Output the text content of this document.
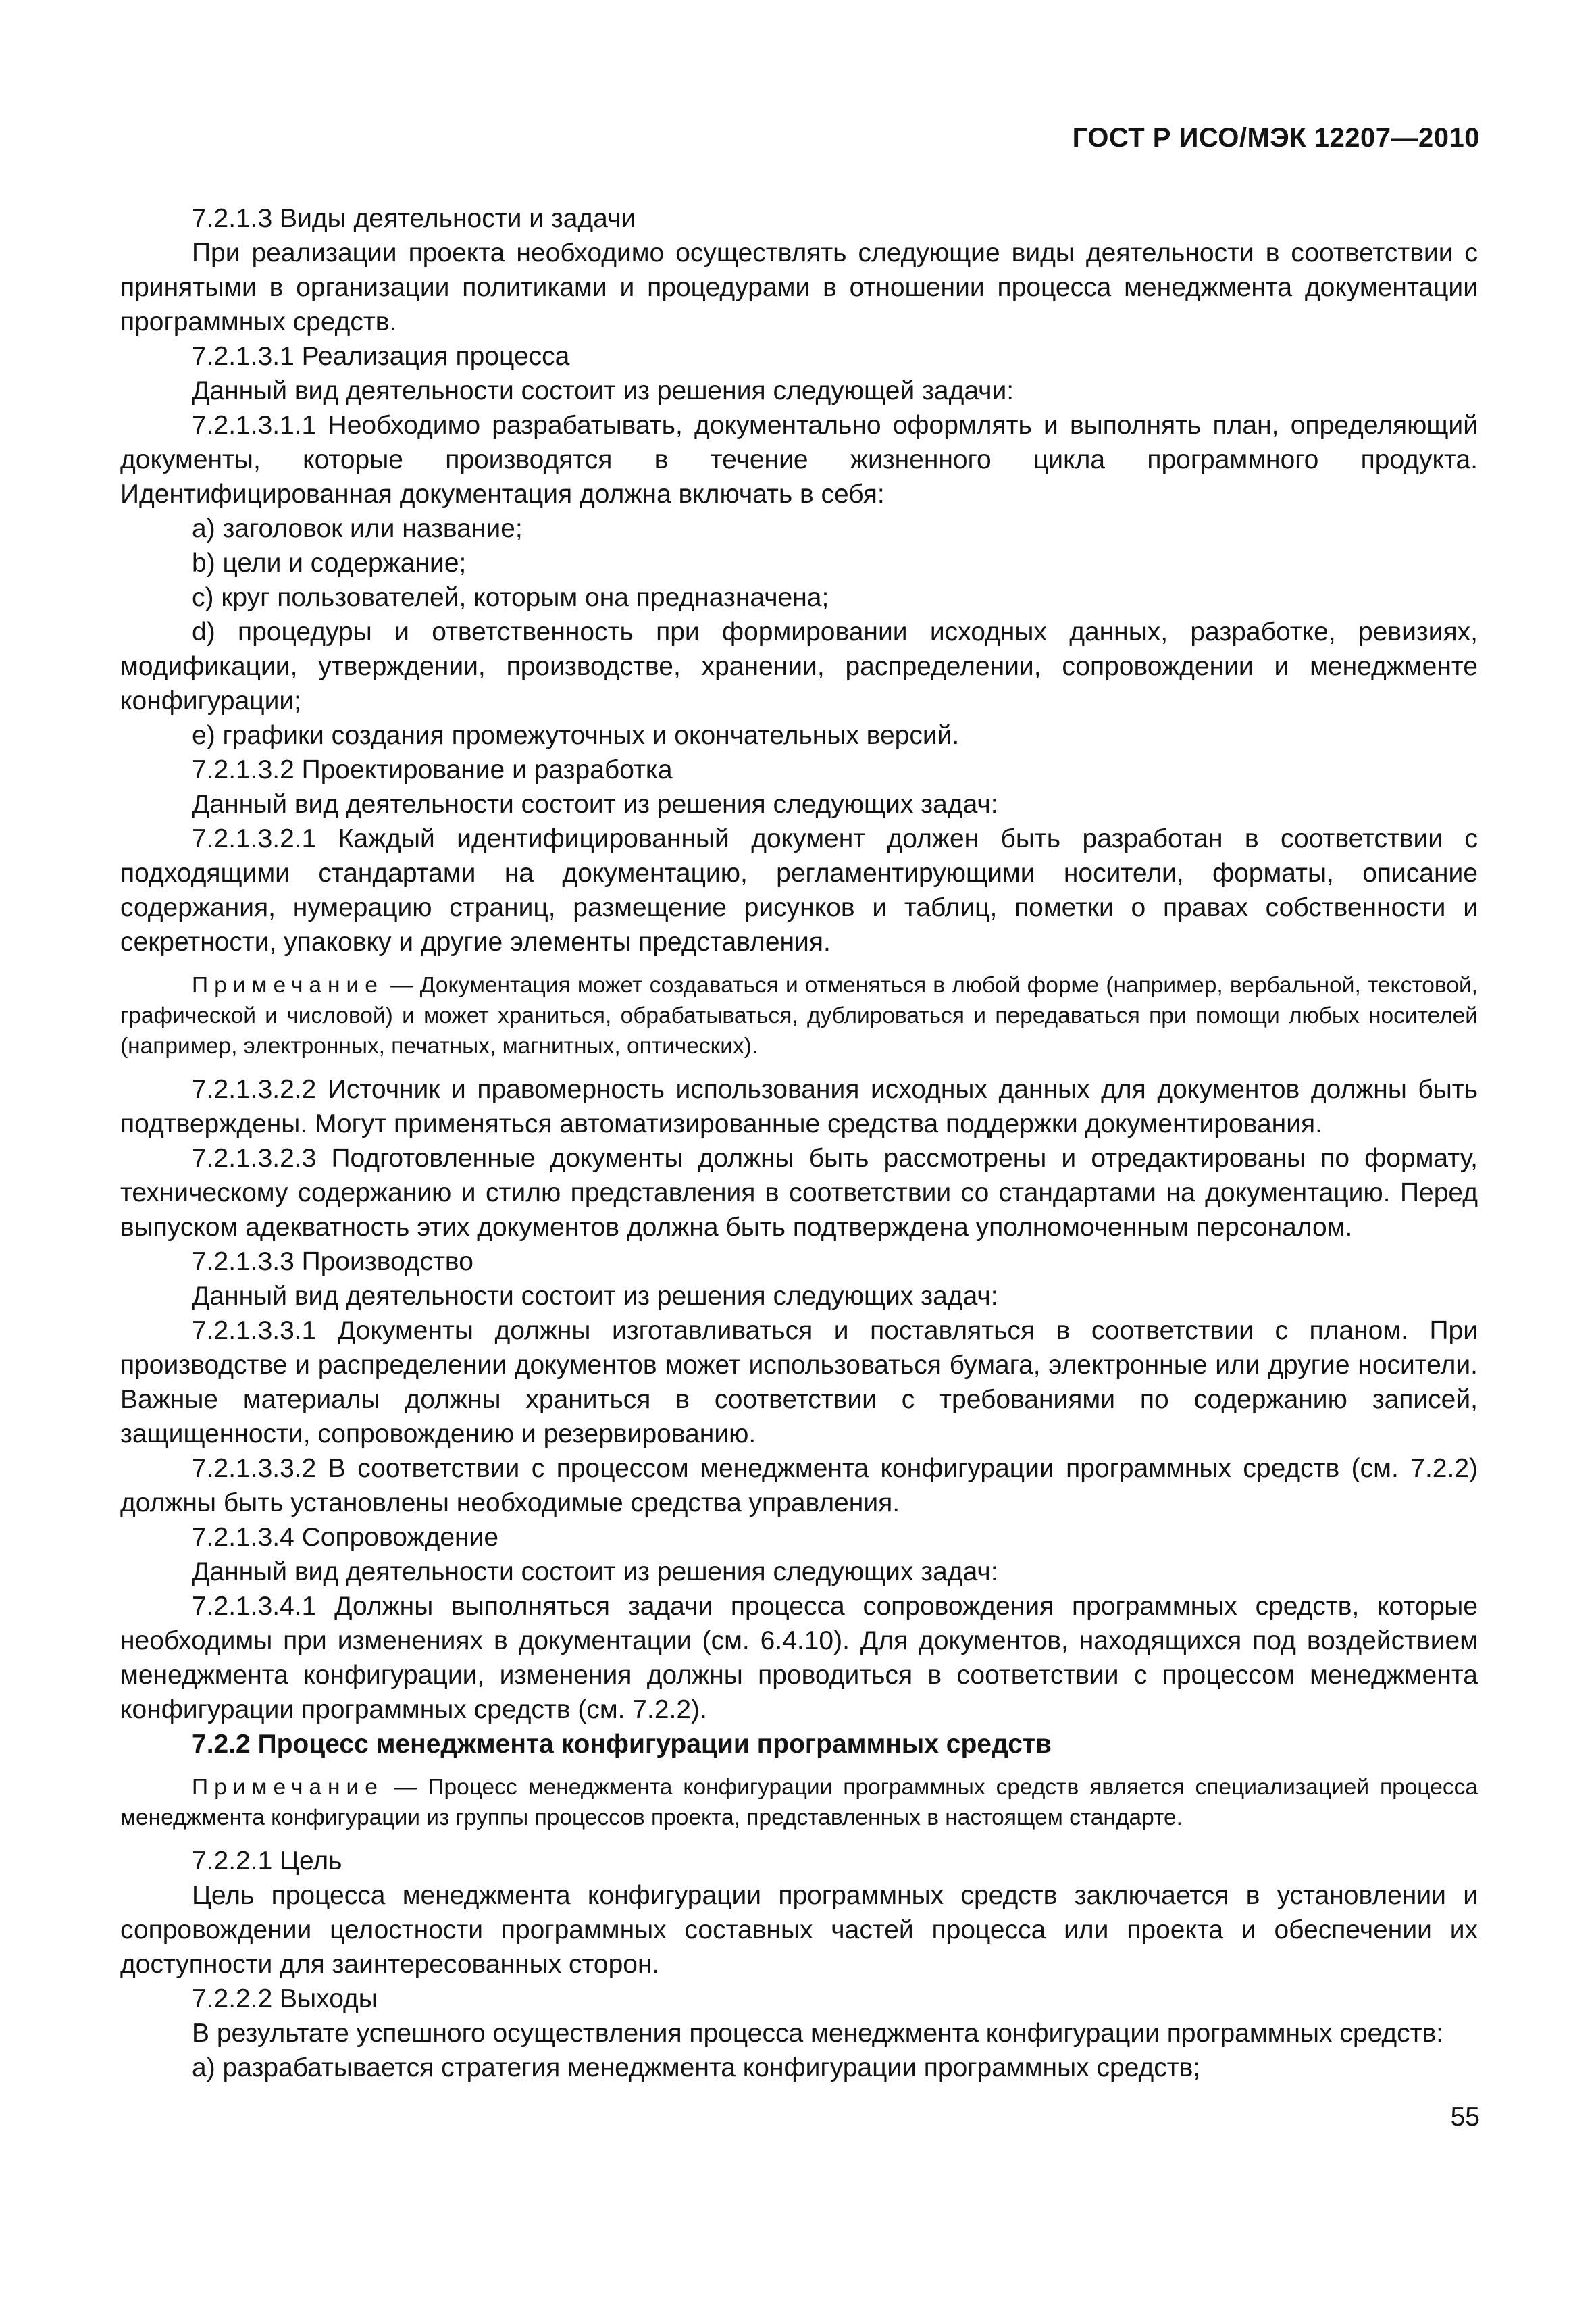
ГОСТ Р ИСО/МЭК 12207—2010

7.2.1.3 Виды деятельности и задачи

При реализации проекта необходимо осуществлять следующие виды деятельности в соответствии с принятыми в организации политиками и процедурами в отношении процесса менеджмента документации программных средств.

7.2.1.3.1 Реализация процесса

Данный вид деятельности состоит из решения следующей задачи:

7.2.1.3.1.1 Необходимо разрабатывать, документально оформлять и выполнять план, определяющий документы, которые производятся в течение жизненного цикла программного продукта. Идентифицированная документация должна включать в себя:

a) заголовок или название;

b) цели и содержание;

c) круг пользователей, которым она предназначена;

d) процедуры и ответственность при формировании исходных данных, разработке, ревизиях, модификации, утверждении, производстве, хранении, распределении, сопровождении и менеджменте конфигурации;

e) графики создания промежуточных и окончательных версий.

7.2.1.3.2 Проектирование и разработка

Данный вид деятельности состоит из решения следующих задач:

7.2.1.3.2.1 Каждый идентифицированный документ должен быть разработан в соответствии с подходящими стандартами на документацию, регламентирующими носители, форматы, описание содержания, нумерацию страниц, размещение рисунков и таблиц, пометки о правах собственности и секретности, упаковку и другие элементы представления.

Примечание — Документация может создаваться и отменяться в любой форме (например, вербальной, текстовой, графической и числовой) и может храниться, обрабатываться, дублироваться и передаваться при помощи любых носителей (например, электронных, печатных, магнитных, оптических).

7.2.1.3.2.2 Источник и правомерность использования исходных данных для документов должны быть подтверждены. Могут применяться автоматизированные средства поддержки документирования.

7.2.1.3.2.3 Подготовленные документы должны быть рассмотрены и отредактированы по формату, техническому содержанию и стилю представления в соответствии со стандартами на документацию. Перед выпуском адекватность этих документов должна быть подтверждена уполномоченным персоналом.

7.2.1.3.3 Производство

Данный вид деятельности состоит из решения следующих задач:

7.2.1.3.3.1 Документы должны изготавливаться и поставляться в соответствии с планом. При производстве и распределении документов может использоваться бумага, электронные или другие носители. Важные материалы должны храниться в соответствии с требованиями по содержанию записей, защищенности, сопровождению и резервированию.

7.2.1.3.3.2 В соответствии с процессом менеджмента конфигурации программных средств (см. 7.2.2) должны быть установлены необходимые средства управления.

7.2.1.3.4 Сопровождение

Данный вид деятельности состоит из решения следующих задач:

7.2.1.3.4.1 Должны выполняться задачи процесса сопровождения программных средств, которые необходимы при изменениях в документации (см. 6.4.10). Для документов, находящихся под воздействием менеджмента конфигурации, изменения должны проводиться в соответствии с процессом менеджмента конфигурации программных средств (см. 7.2.2).

7.2.2 Процесс менеджмента конфигурации программных средств

Примечание — Процесс менеджмента конфигурации программных средств является специализацией процесса менеджмента конфигурации из группы процессов проекта, представленных в настоящем стандарте.

7.2.2.1 Цель

Цель процесса менеджмента конфигурации программных средств заключается в установлении и сопровождении целостности программных составных частей процесса или проекта и обеспечении их доступности для заинтересованных сторон.

7.2.2.2 Выходы

В результате успешного осуществления процесса менеджмента конфигурации программных средств:

a) разрабатывается стратегия менеджмента конфигурации программных средств;

55
